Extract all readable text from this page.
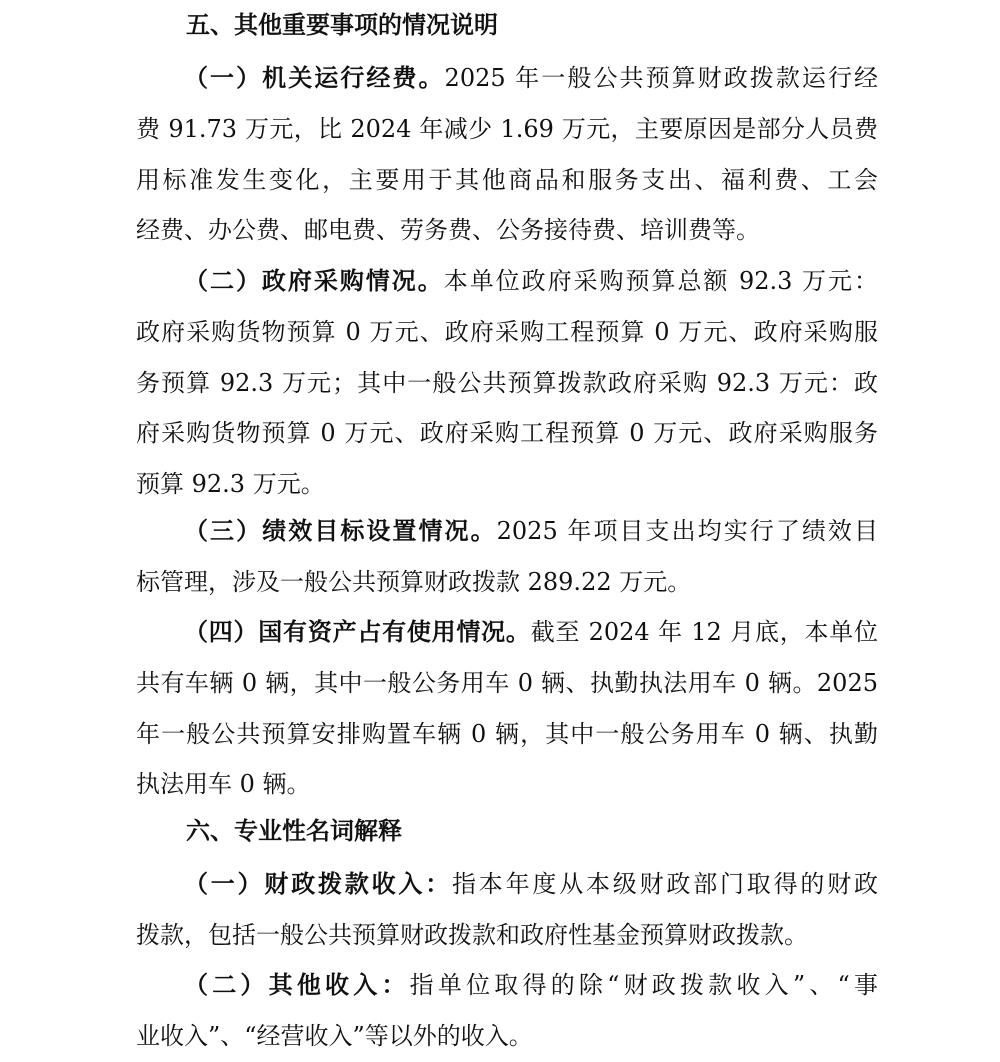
五、其他重要事项的情况说明
（一）机关运行经费。2025 年一般公共预算财政拨款运行经
费 91.73 万元，比 2024 年减少 1.69 万元，主要原因是部分人员费
用标准发生变化，主要用于其他商品和服务支出、福利费、工会
经费、办公费、邮电费、劳务费、公务接待费、培训费等。
（二）政府采购情况。本单位政府采购预算总额 92.3 万元：
政府采购货物预算 0 万元、政府采购工程预算 0 万元、政府采购服
务预算 92.3 万元；其中一般公共预算拨款政府采购 92.3 万元：政
府采购货物预算 0 万元、政府采购工程预算 0 万元、政府采购服务
预算 92.3 万元。
（三）绩效目标设置情况。2025 年项目支出均实行了绩效目
标管理，涉及一般公共预算财政拨款 289.22 万元。
（四）国有资产占有使用情况。截至 2024 年 12 月底，本单位
共有车辆 0 辆，其中一般公务用车 0 辆、执勤执法用车 0 辆。2025
年一般公共预算安排购置车辆 0 辆，其中一般公务用车 0 辆、执勤
执法用车 0 辆。
六、专业性名词解释
（一）财政拨款收入：指本年度从本级财政部门取得的财政
拨款，包括一般公共预算财政拨款和政府性基金预算财政拨款。
（二）其他收入：指单位取得的除“财政拨款收入”、“事
业收入”、“经营收入”等以外的收入。
